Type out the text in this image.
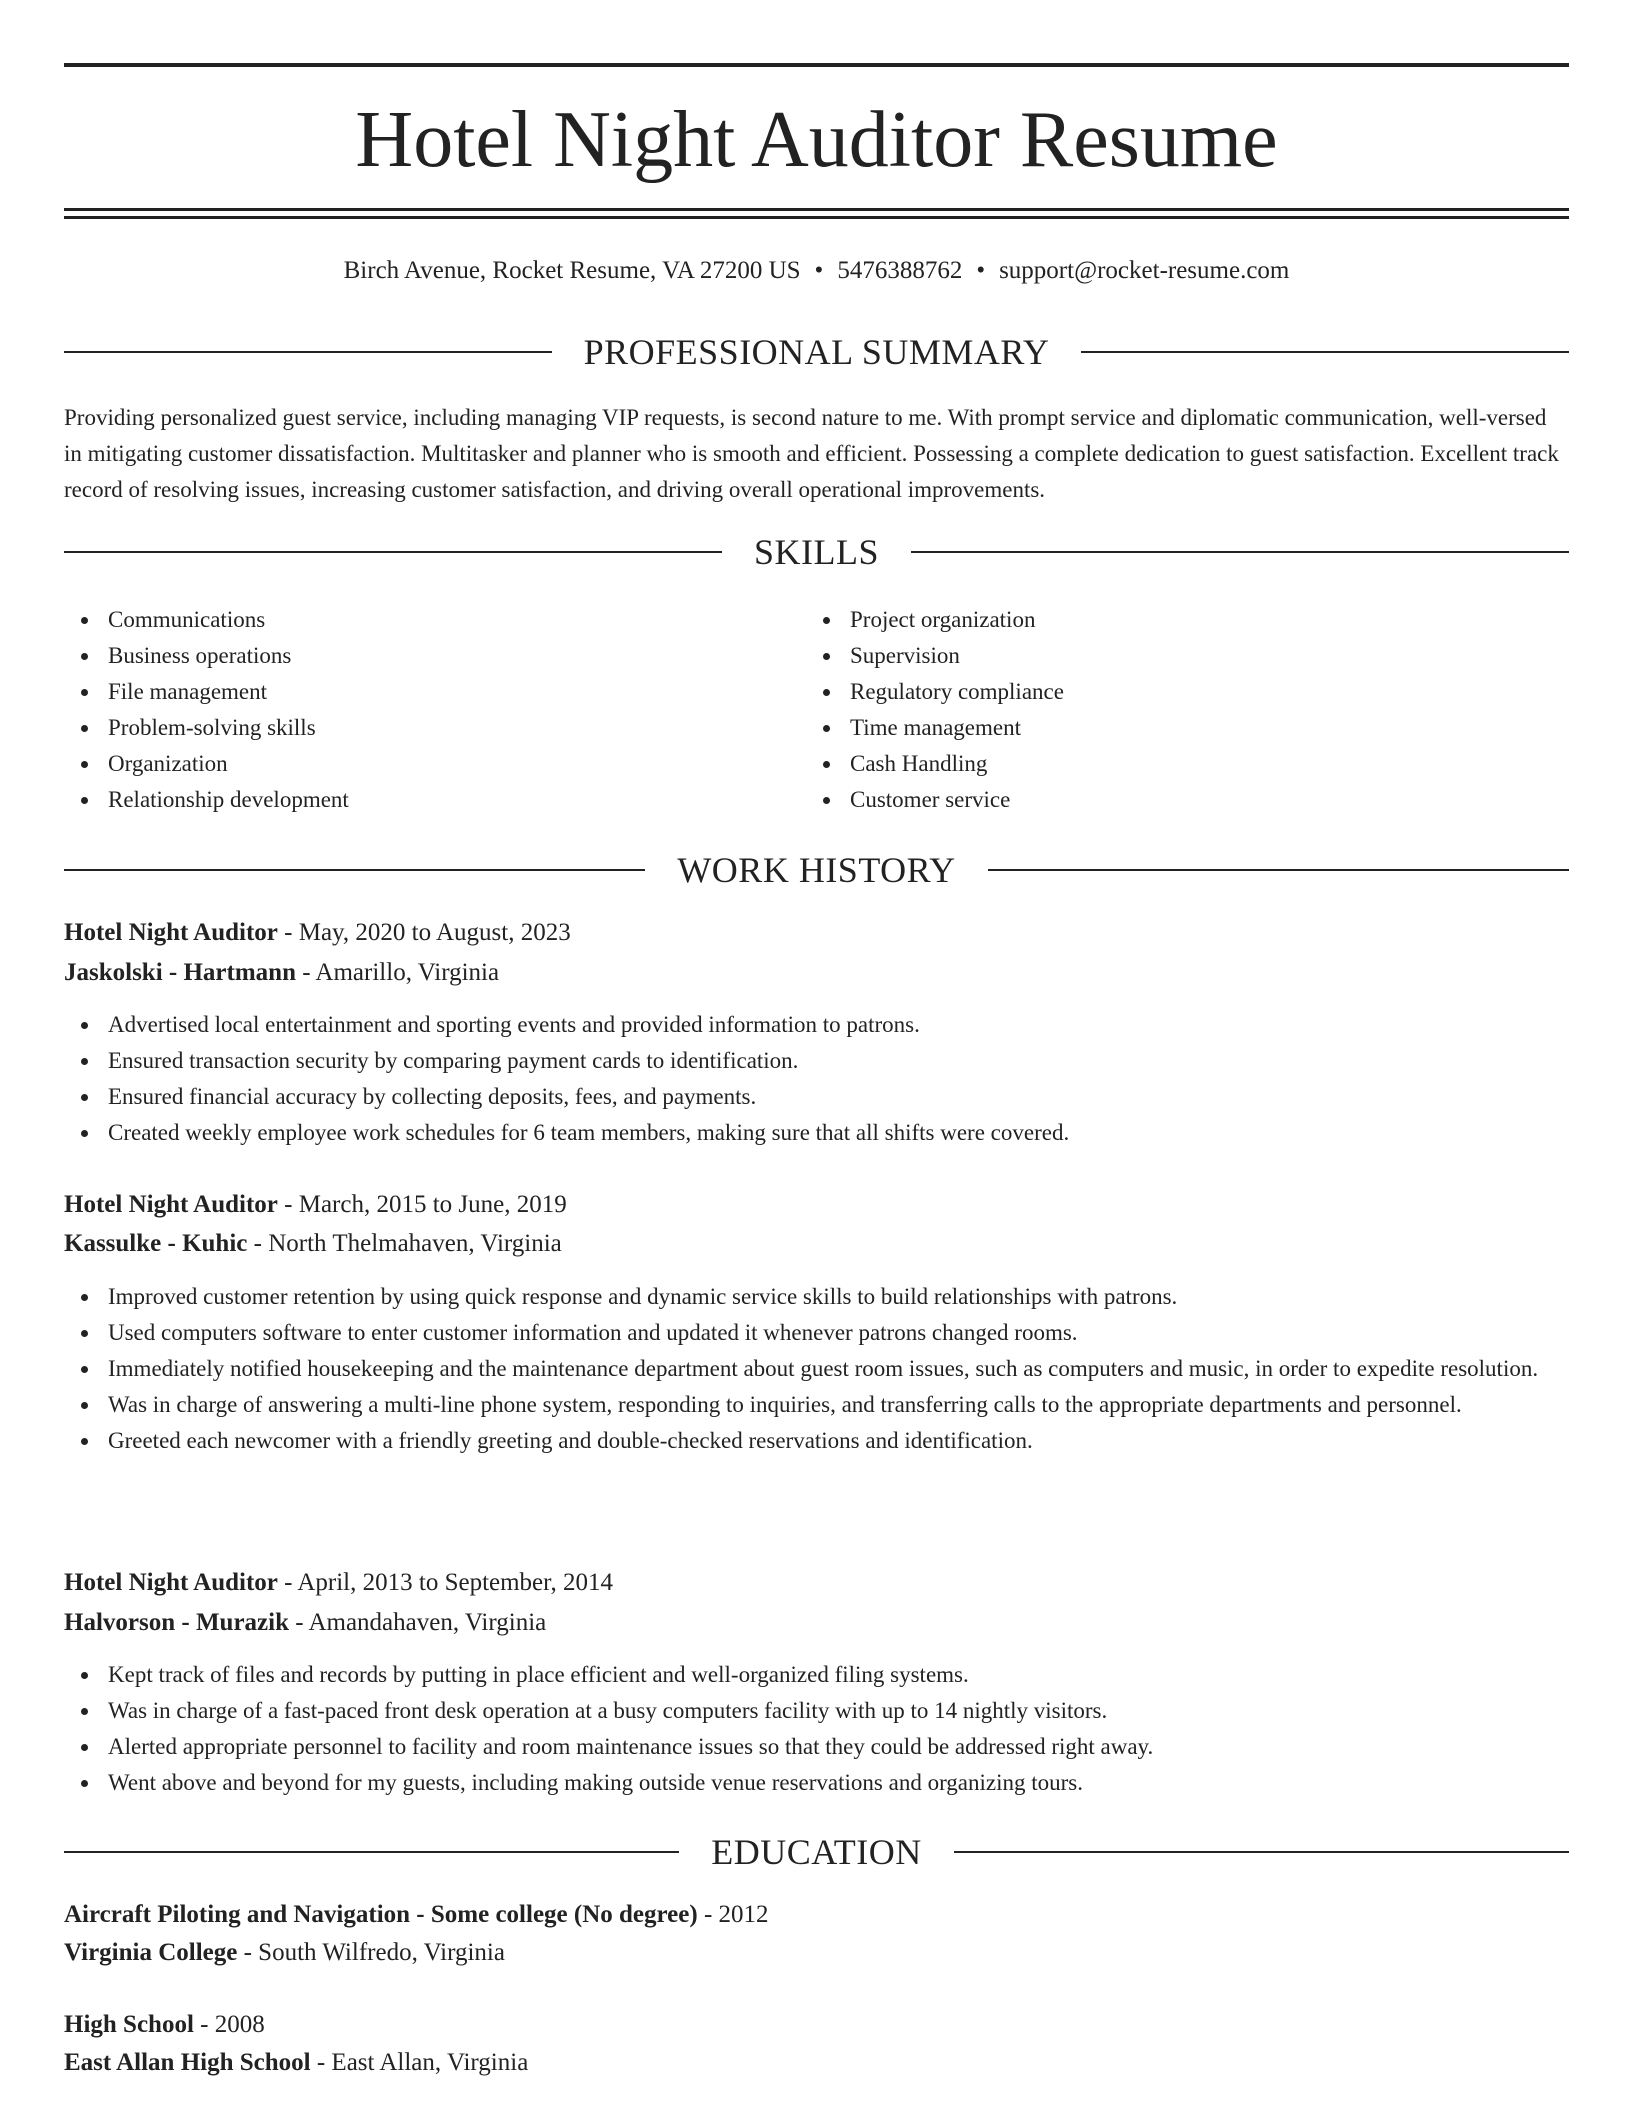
Hotel Night Auditor Resume
Birch Avenue, Rocket Resume, VA 27200 US • 5476388762 • support@rocket-resume.com
PROFESSIONAL SUMMARY

Providing personalized guest service, including managing VIP requests, is second nature to me. With prompt service and diplomatic communication, well-versed in mitigating customer dissatisfaction. Multitasker and planner who is smooth and efficient. Possessing a complete dedication to guest satisfaction. Excellent track record of resolving issues, increasing customer satisfaction, and driving overall operational improvements.

SKILLS
Communications
Business operations
File management
Problem-solving skills
Organization
Relationship development
Project organization
Supervision
Regulatory compliance
Time management
Cash Handling
Customer service
WORK HISTORY

Hotel Night Auditor - May, 2020 to August, 2023

Jaskolski - Hartmann - Amarillo, Virginia

Advertised local entertainment and sporting events and provided information to patrons.
Ensured transaction security by comparing payment cards to identification.
Ensured financial accuracy by collecting deposits, fees, and payments.
Created weekly employee work schedules for 6 team members, making sure that all shifts were covered.

Hotel Night Auditor - March, 2015 to June, 2019

Kassulke - Kuhic - North Thelmahaven, Virginia

Improved customer retention by using quick response and dynamic service skills to build relationships with patrons.
Used computers software to enter customer information and updated it whenever patrons changed rooms.
Immediately notified housekeeping and the maintenance department about guest room issues, such as computers and music, in order to expedite resolution.
Was in charge of answering a multi-line phone system, responding to inquiries, and transferring calls to the appropriate departments and personnel.
Greeted each newcomer with a friendly greeting and double-checked reservations and identification.

Hotel Night Auditor - April, 2013 to September, 2014

Halvorson - Murazik - Amandahaven, Virginia

Kept track of files and records by putting in place efficient and well-organized filing systems.
Was in charge of a fast-paced front desk operation at a busy computers facility with up to 14 nightly visitors.
Alerted appropriate personnel to facility and room maintenance issues so that they could be addressed right away.
Went above and beyond for my guests, including making outside venue reservations and organizing tours.
EDUCATION

Aircraft Piloting and Navigation - Some college (No degree) - 2012

Virginia College - South Wilfredo, Virginia

High School - 2008

East Allan High School - East Allan, Virginia
